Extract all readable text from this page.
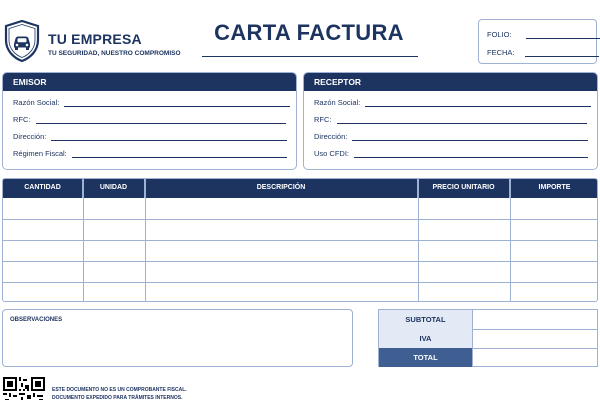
TU EMPRESA
TU SEGURIDAD, NUESTRO COMPROMISO
CARTA FACTURA	FOLIO:
FECHA:
EMISOR
Razón Social:
RFC:
Dirección:
Régimen Fiscal:
RECEPTOR
Razón Social:
RFC:
Dirección:
Uso CFDI:
CANTIDAD	UNIDAD	DESCRIPCIÓN	PRECIO UNITARIO	IMPORTE
OBSERVACIONES	SUBTOTAL
IVA
TOTAL
ESTE DOCUMENTO NO ES UN COMPROBANTE FISCAL.
DOCUMENTO EXPEDIDO PARA TRÁMITES INTERNOS.
